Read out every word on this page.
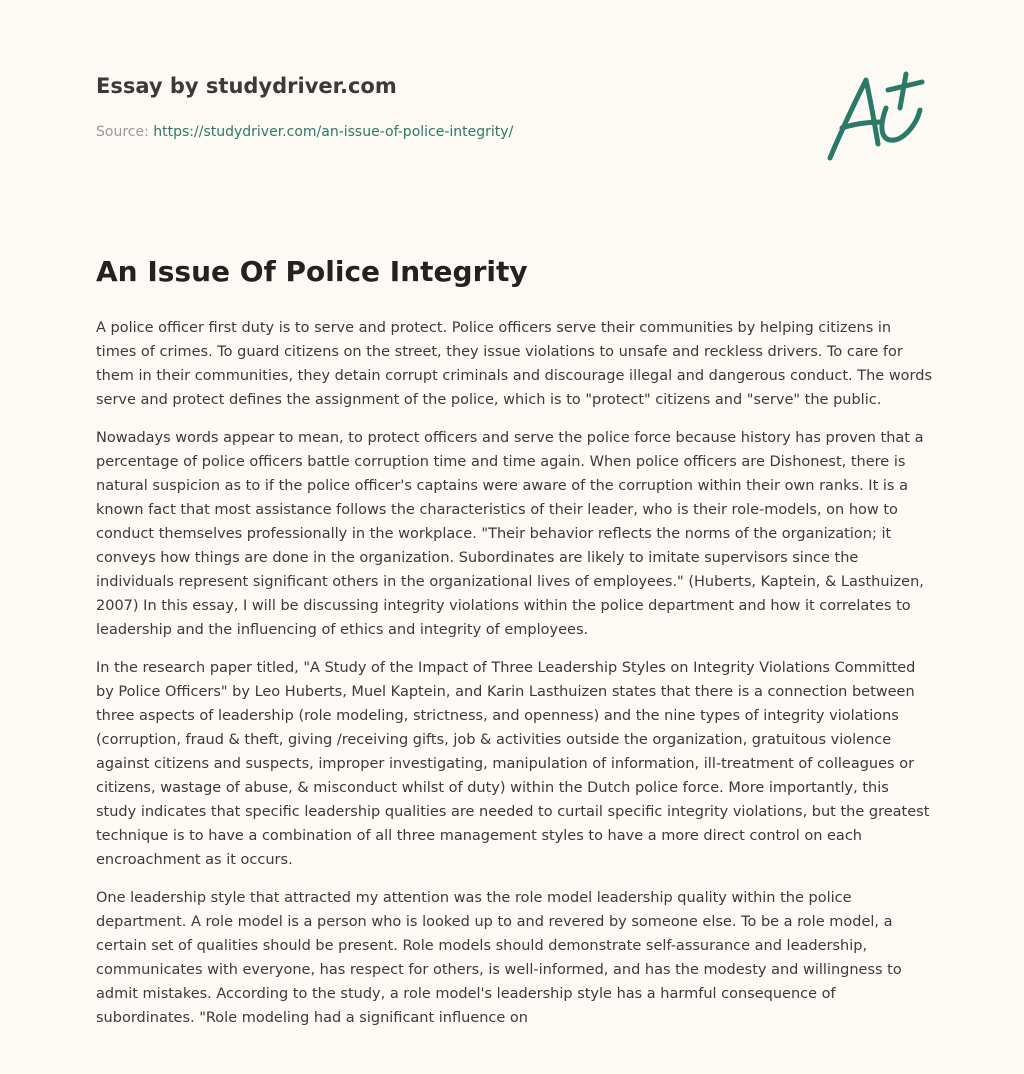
Essay by studydriver.com
Source: https://studydriver.com/an-issue-of-police-integrity/
An Issue Of Police Integrity

A police officer first duty is to serve and protect. Police officers serve their communities by helping citizens in times of crimes. To guard citizens on the street, they issue violations to unsafe and reckless drivers. To care for them in their communities, they detain corrupt criminals and discourage illegal and dangerous conduct. The words serve and protect defines the assignment of the police, which is to "protect" citizens and "serve" the public.

Nowadays words appear to mean, to protect officers and serve the police force because history has proven that a percentage of police officers battle corruption time and time again. When police officers are Dishonest, there is natural suspicion as to if the police officer's captains were aware of the corruption within their own ranks. It is a known fact that most assistance follows the characteristics of their leader, who is their role-models, on how to conduct themselves professionally in the workplace. "Their behavior reflects the norms of the organization; it conveys how things are done in the organization. Subordinates are likely to imitate supervisors since the individuals represent significant others in the organizational lives of employees." (Huberts, Kaptein, & Lasthuizen, 2007) In this essay, I will be discussing integrity violations within the police department and how it correlates to leadership and the influencing of ethics and integrity of employees.

In the research paper titled, "A Study of the Impact of Three Leadership Styles on Integrity Violations Committed by Police Officers" by Leo Huberts, Muel Kaptein, and Karin Lasthuizen states that there is a connection between three aspects of leadership (role modeling, strictness, and openness) and the nine types of integrity violations (corruption, fraud & theft, giving /receiving gifts, job & activities outside the organization, gratuitous violence against citizens and suspects, improper investigating, manipulation of information, ill-treatment of colleagues or citizens, wastage of abuse, & misconduct whilst of duty) within the Dutch police force. More importantly, this study indicates that specific leadership qualities are needed to curtail specific integrity violations, but the greatest technique is to have a combination of all three management styles to have a more direct control on each encroachment as it occurs.

One leadership style that attracted my attention was the role model leadership quality within the police department. A role model is a person who is looked up to and revered by someone else. To be a role model, a certain set of qualities should be present. Role models should demonstrate self-assurance and leadership, communicates with everyone, has respect for others, is well-informed, and has the modesty and willingness to admit mistakes. According to the study, a role model's leadership style has a harmful consequence of subordinates. "Role modeling had a significant influence on
